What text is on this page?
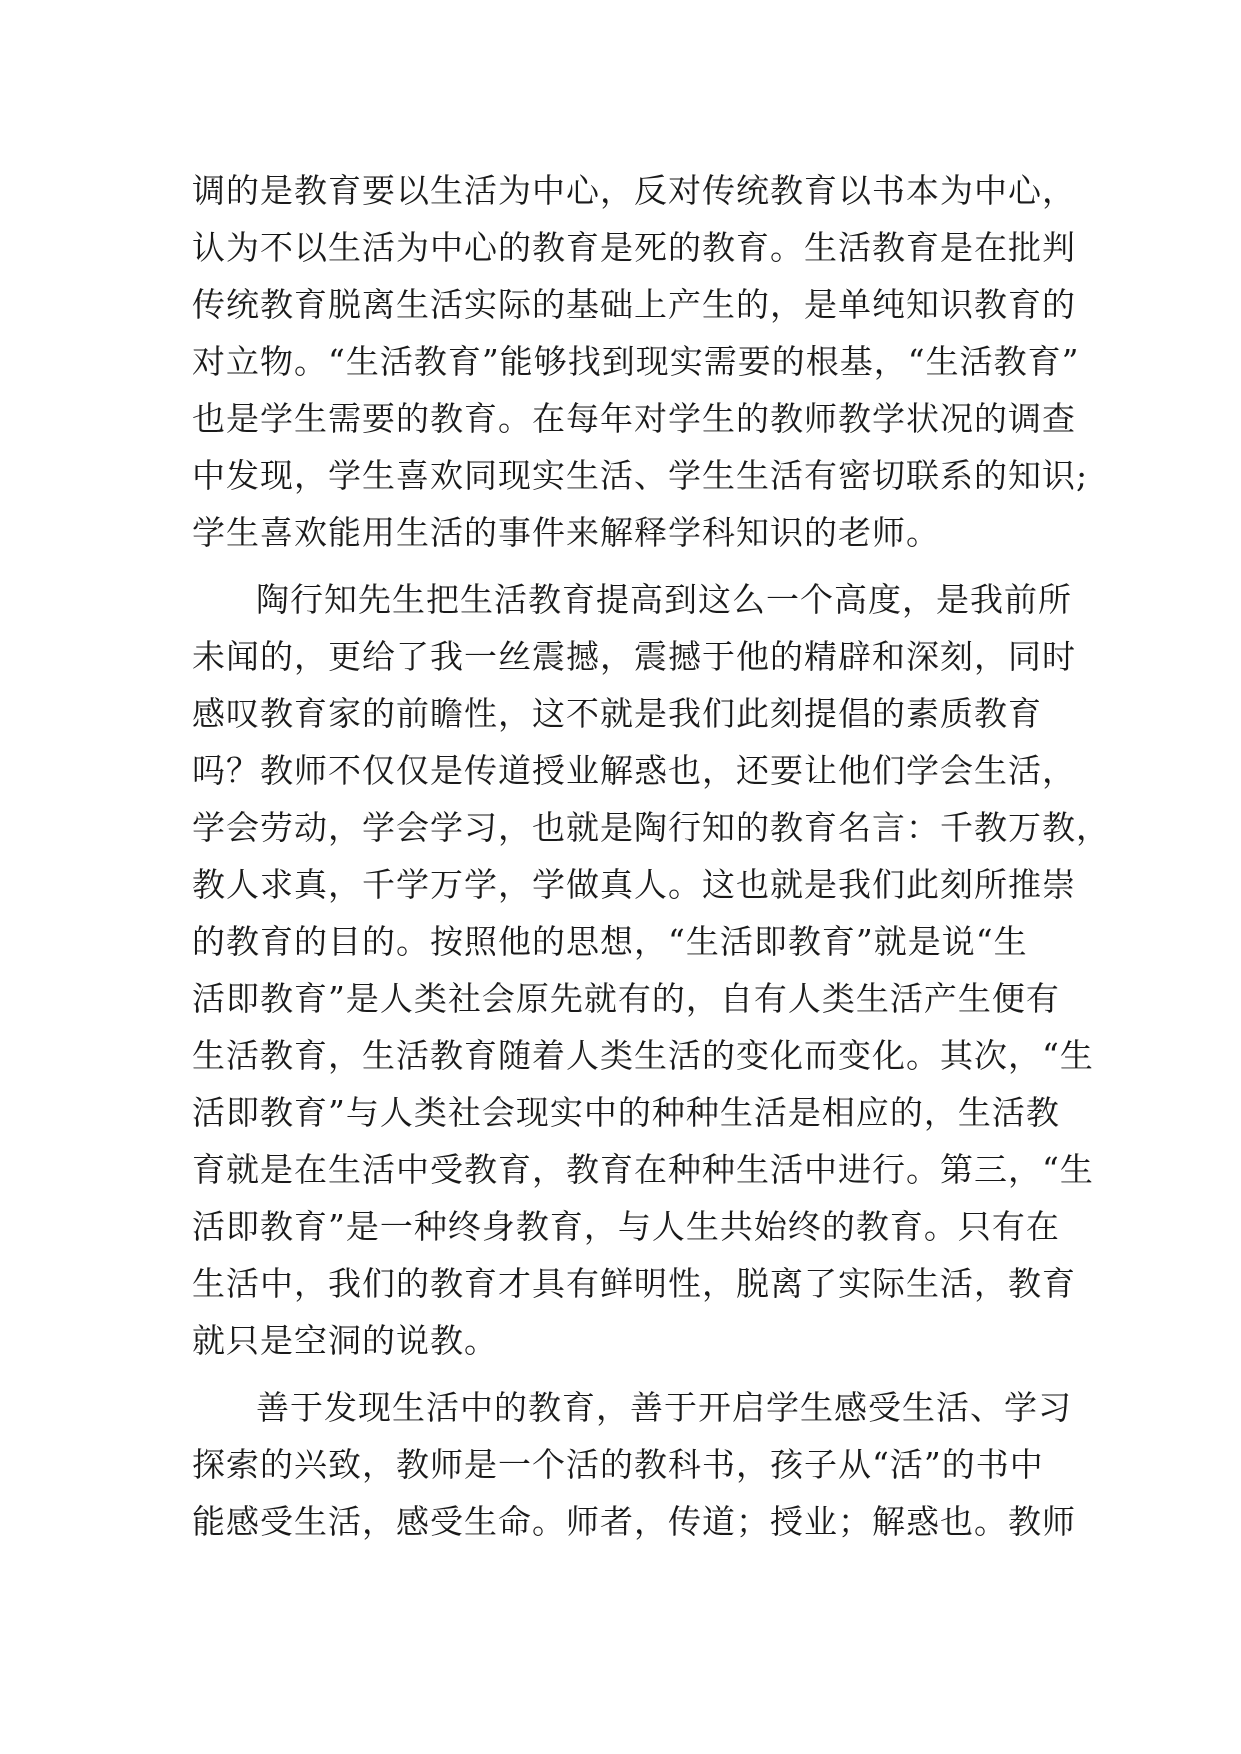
调的是教育要以生活为中心，反对传统教育以书本为中心，
认为不以生活为中心的教育是死的教育。生活教育是在批判
传统教育脱离生活实际的基础上产生的，是单纯知识教育的
对立物。“生活教育”能够找到现实需要的根基，“生活教育”
也是学生需要的教育。在每年对学生的教师教学状况的调查
中发现，学生喜欢同现实生活、学生生活有密切联系的知识;
学生喜欢能用生活的事件来解释学科知识的老师。
陶行知先生把生活教育提高到这么一个高度，是我前所
未闻的，更给了我一丝震撼，震撼于他的精辟和深刻，同时
感叹教育家的前瞻性，这不就是我们此刻提倡的素质教育
吗？教师不仅仅是传道授业解惑也，还要让他们学会生活，
学会劳动，学会学习，也就是陶行知的教育名言：千教万教，
教人求真，千学万学，学做真人。这也就是我们此刻所推崇
的教育的目的。按照他的思想，“生活即教育”就是说“生
活即教育”是人类社会原先就有的，自有人类生活产生便有
生活教育，生活教育随着人类生活的变化而变化。其次，“生
活即教育”与人类社会现实中的种种生活是相应的，生活教
育就是在生活中受教育，教育在种种生活中进行。第三，“生
活即教育”是一种终身教育，与人生共始终的教育。只有在
生活中，我们的教育才具有鲜明性，脱离了实际生活，教育
就只是空洞的说教。
善于发现生活中的教育，善于开启学生感受生活、学习
探索的兴致，教师是一个活的教科书，孩子从“活”的书中
能感受生活，感受生命。师者，传道；授业；解惑也。教师
